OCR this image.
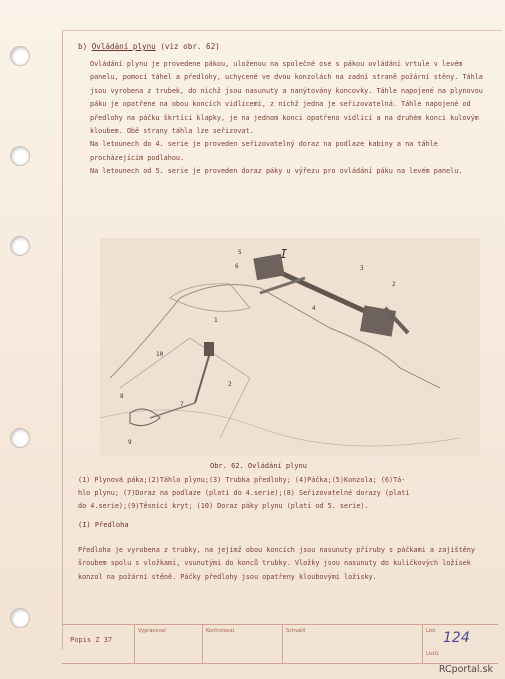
b) Ovládání plynu (viz obr. 62)

Ovládání plynu je provedene pákou, uloženou na společné ose s pákou ovládání vrtule v levém panelu, pomocí táhel a předlohy, uchycené ve dvou konzolách na zadní straně požární stěny. Táhla jsou vyrobena z trubek, do nichž jsou nasunuty a nanýtovány koncovky. Táhle napojené na plynovou páku je opatřene na obou koncích vidlicemi, z nichž jedna je seřizovatelná. Táhle napojené od předlohy na páčku škrtící klapky, je na jednom konci opatřeno vidlicí a na druhém konci kulovým kloubem. Obě strany táhla lze seřizovat.

Na letounech do 4. serie je proveden seřizovatelný doraz na podlaze kabiny a na táhle procházejícím podlahou.

Na letounech od 5. serie je proveden doraz páky u výřezu pro ovládání páku na levém panelu.

I
5
6	3
2
4
1
10
2
8
7
9
Obr. 62. Ovládání plynu
(1) Plynová páka;(2)Táhlo plynu;(3) Trubka předlohy; (4)Páčka;(5)Konzola; (6)Tá-
hlo plynu; (7)Doraz na podlaze (platí do 4.serie);(8) Seřizovatelné dorazy (platí
do 4.serie);(9)Těsnící kryt; (10) Doraz páky plynu (platí od 5. serie).
(I) Předloha
Předloha je vyrobena z trubky, na jejímž obou koncích jsou nasunuty příruby s páčkami a zajištěny šroubem spolu s vložkami, vsunutými do konců trubky. Vložky jsou nasunuty do kuličkových ložisek konzol na požární stěně. Páčky předlohy jsou opatřeny kloubovými ložisky.
Popis Z 37
Vypracoval	Kontroloval	Schválil	List: 124
Listů:
RCportal.sk
